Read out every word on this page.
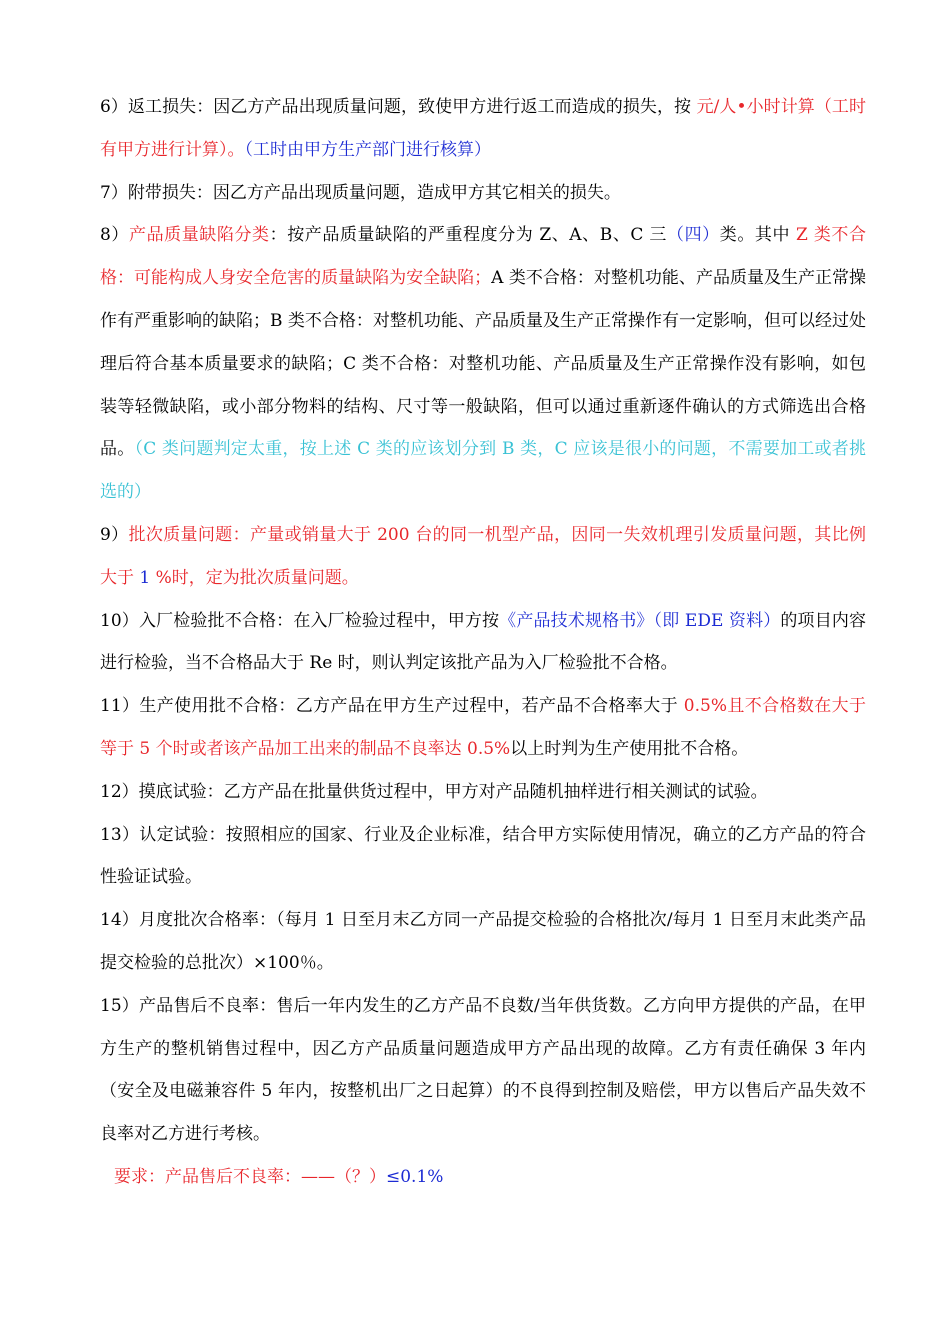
6）返工损失：因乙方产品出现质量问题，致使甲方进行返工而造成的损失，按 元/人•小时计算（工时有甲方进行计算）。（工时由甲方生产部门进行核算）

7）附带损失：因乙方产品出现质量问题，造成甲方其它相关的损失。

8）产品质量缺陷分类：按产品质量缺陷的严重程度分为 Z、A、B、C 三（四）类。其中 Z 类不合格：可能构成人身安全危害的质量缺陷为安全缺陷；A 类不合格：对整机功能、产品质量及生产正常操作有严重影响的缺陷；B 类不合格：对整机功能、产品质量及生产正常操作有一定影响，但可以经过处理后符合基本质量要求的缺陷；C 类不合格：对整机功能、产品质量及生产正常操作没有影响，如包装等轻微缺陷，或小部分物料的结构、尺寸等一般缺陷，但可以通过重新逐件确认的方式筛选出合格品。（C 类问题判定太重，按上述 C 类的应该划分到 B 类，C 应该是很小的问题，不需要加工或者挑选的）

9）批次质量问题：产量或销量大于 200 台的同一机型产品，因同一失效机理引发质量问题，其比例大于 1 %时，定为批次质量问题。

10）入厂检验批不合格：在入厂检验过程中，甲方按《产品技术规格书》（即 EDE 资料）的项目内容进行检验，当不合格品大于 Re 时，则认判定该批产品为入厂检验批不合格。

11）生产使用批不合格：乙方产品在甲方生产过程中，若产品不合格率大于 0.5%且不合格数在大于等于 5 个时或者该产品加工出来的制品不良率达 0.5%以上时判为生产使用批不合格。

12）摸底试验：乙方产品在批量供货过程中，甲方对产品随机抽样进行相关测试的试验。

13）认定试验：按照相应的国家、行业及企业标准，结合甲方实际使用情况，确立的乙方产品的符合性验证试验。

14）月度批次合格率：（每月 1 日至月末乙方同一产品提交检验的合格批次/每月 1 日至月末此类产品提交检验的总批次）×100％。

15）产品售后不良率：售后一年内发生的乙方产品不良数/当年供货数。乙方向甲方提供的产品，在甲方生产的整机销售过程中，因乙方产品质量问题造成甲方产品出现的故障。乙方有责任确保 3 年内（安全及电磁兼容件 5 年内，按整机出厂之日起算）的不良得到控制及赔偿，甲方以售后产品失效不良率对乙方进行考核。

要求：产品售后不良率：——（？）≤0.1%
